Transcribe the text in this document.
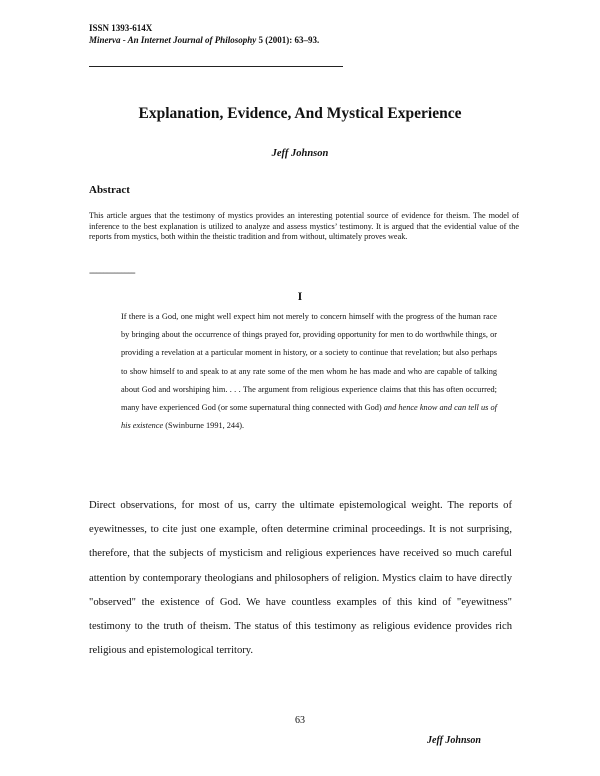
ISSN 1393-614X
Minerva - An Internet Journal of Philosophy 5 (2001): 63–93.
Explanation, Evidence, And Mystical Experience
Jeff Johnson
Abstract
This article argues that the testimony of mystics provides an interesting potential source of evidence for theism. The model of inference to the best explanation is utilized to analyze and assess mystics’ testimony. It is argued that the evidential value of the reports from mystics, both within the theistic tradition and from without, ultimately proves weak.
=============
I
If there is a God, one might well expect him not merely to concern himself with the progress of the human race by bringing about the occurrence of things prayed for, providing opportunity for men to do worthwhile things, or providing a revelation at a particular moment in history, or a society to continue that revelation; but also perhaps to show himself to and speak to at any rate some of the men whom he has made and who are capable of talking about God and worshiping him. . . . The argument from religious experience claims that this has often occurred; many have experienced God (or some supernatural thing connected with God) and hence know and can tell us of his existence (Swinburne 1991, 244).
Direct observations, for most of us, carry the ultimate epistemological weight. The reports of eyewitnesses, to cite just one example, often determine criminal proceedings. It is not surprising, therefore, that the subjects of mysticism and religious experiences have received so much careful attention by contemporary theologians and philosophers of religion. Mystics claim to have directly "observed" the existence of God. We have countless examples of this kind of "eyewitness" testimony to the truth of theism. The status of this testimony as religious evidence provides rich religious and epistemological territory.
63
Jeff Johnson
